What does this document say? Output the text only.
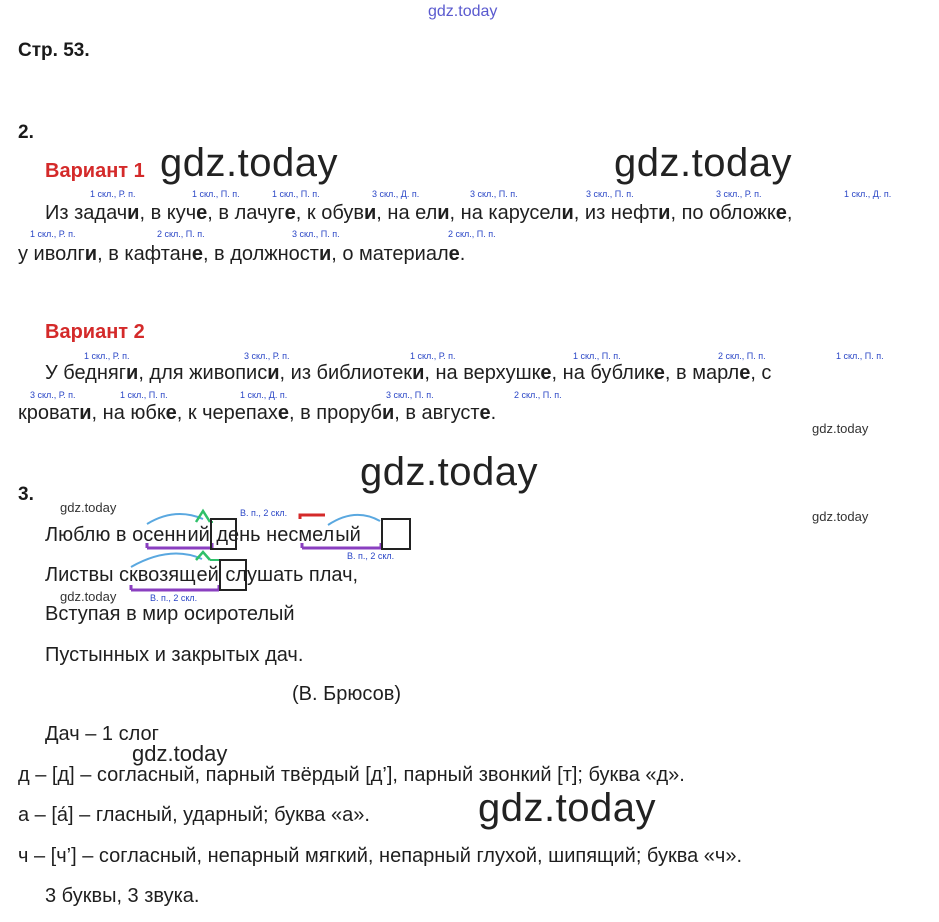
gdz.today
Стр. 53.
2.
Вариант 1 gdz.today	gdz.today
1 скл., Р. п.	1 скл., П. п.	1 скл., П. п.	3 скл., Д. п.	3 скл., П. п.	3 скл., П. п.	3 скл., Р. п.	1 скл., Д. п.
Из задачи, в куче, в лачуге, к обуви, на ели, на карусели, из нефти, по обложке,
1 скл., Р. п.	2 скл., П. п.	3 скл., П. п.	2 скл., П. п.
у иволги, в кафтане, в должности, о материале.
Вариант 2
1 скл., Р. п.	3 скл., Р. п.	1 скл., Р. п.	1 скл., П. п.	2 скл., П. п.	1 скл., П. п.
У бедняги, для живописи, из библиотеки, на верхушке, на бублике, в марле, с
3 скл., Р. п.	1 скл., П. п.	1 скл., Д. п.	3 скл., П. п.	2 скл., П. п.
кровати, на юбке, к черепахе, в проруби, в августе.
gdz.today
gdz.today
3.
gdz.today
gdz.today
gdz.today
В. п., 2 скл.
Люблю в осенний день несмелый
В. п., 2 скл.
Листвы сквозящей слушать плач,
В. п., 2 скл.
Вступая в мир осиротелый
Пустынных и закрытых дач.
(В. Брюсов)
Дач – 1 слог
gdz.today
д – [д] – согласный, парный твёрдый [д’], парный звонкий [т]; буква «д».
а – [а́] – гласный, ударный; буква «а».	gdz.today
ч – [ч’] – согласный, непарный мягкий, непарный глухой, шипящий; буква «ч».
3 буквы, 3 звука.
